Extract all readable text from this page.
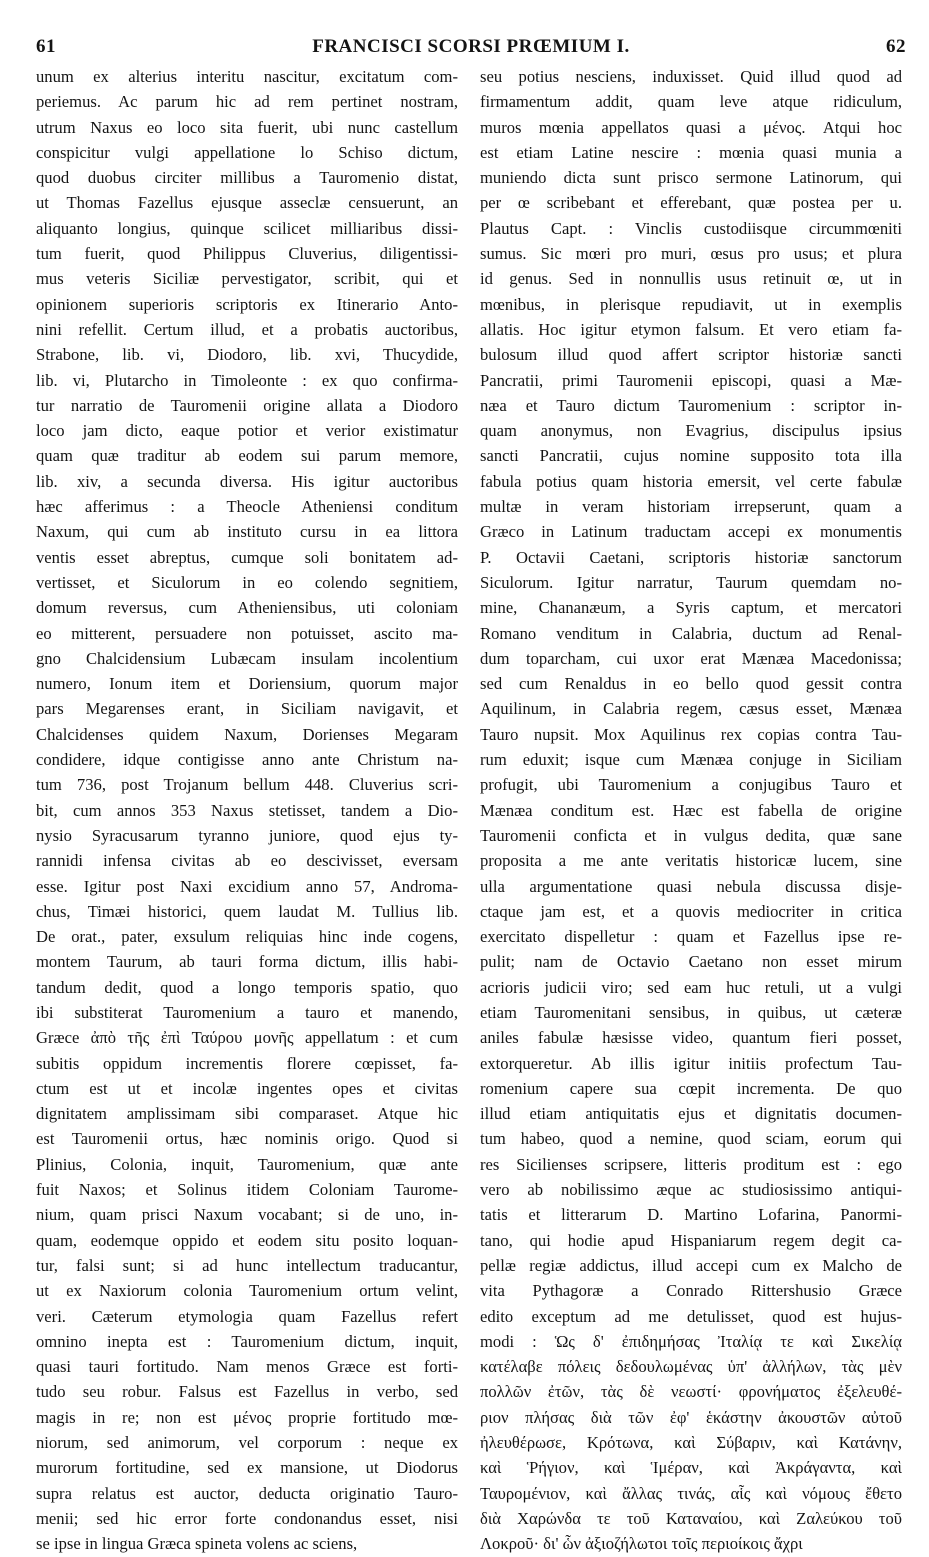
61	FRANCISCI SCORSI PRŒMIUM I.	62
unum ex alterius interitu nascitur, excitatum com-
periemus. Ac parum hic ad rem pertinet nostram,
utrum Naxus eo loco sita fuerit, ubi nunc castellum
conspicitur vulgi appellatione lo Schiso dictum,
quod duobus circiter millibus a Tauromenio distat,
ut Thomas Fazellus ejusque asseclæ censuerunt, an
aliquanto longius, quinque scilicet milliaribus dissi-
tum fuerit, quod Philippus Cluverius, diligentissi-
mus veteris Siciliæ pervestigator, scribit, qui et
opinionem superioris scriptoris ex Itinerario Anto-
nini refellit. Certum illud, et a probatis auctoribus,
Strabone, lib. vi, Diodoro, lib. xvi, Thucydide,
lib. vi, Plutarcho in Timoleonte : ex quo confirma-
tur narratio de Tauromenii origine allata a Diodoro
loco jam dicto, eaque potior et verior existimatur
quam quæ traditur ab eodem sui parum memore,
lib. xiv, a secunda diversa. His igitur auctoribus
hæc afferimus : a Theocle Atheniensi conditum
Naxum, qui cum ab instituto cursu in ea littora
ventis esset abreptus, cumque soli bonitatem ad-
vertisset, et Siculorum in eo colendo segnitiem,
domum reversus, cum Atheniensibus, uti coloniam
eo mitterent, persuadere non potuisset, ascito ma-
gno Chalcidensium Lubæcam insulam incolentium
numero, Ionum item et Doriensium, quorum major
pars Megarenses erant, in Siciliam navigavit, et
Chalcidenses quidem Naxum, Dorienses Megaram
condidere, idque contigisse anno ante Christum na-
tum 736, post Trojanum bellum 448. Cluverius scri-
bit, cum annos 353 Naxus stetisset, tandem a Dio-
nysio Syracusarum tyranno juniore, quod ejus ty-
rannidi infensa civitas ab eo descivisset, eversam
esse. Igitur post Naxi excidium anno 57, Androma-
chus, Timæi historici, quem laudat M. Tullius lib.
De orat., pater, exsulum reliquias hinc inde cogens,
montem Taurum, ab tauri forma dictum, illis habi-
tandum dedit, quod a longo temporis spatio, quo
ibi substiterat Tauromenium a tauro et manendo,
Græce ἀπὸ τῆς ἐπὶ Ταύρου μονῆς appellatum : et cum
subitis oppidum incrementis florere cœpisset, fa-
ctum est ut et incolæ ingentes opes et civitas
dignitatem amplissimam sibi comparaset. Atque hic
est Tauromenii ortus, hæc nominis origo. Quod si
Plinius, Colonia, inquit, Tauromenium, quæ ante
fuit Naxos; et Solinus itidem Coloniam Taurome-
nium, quam prisci Naxum vocabant; si de uno, in-
quam, eodemque oppido et eodem situ posito loquan-
tur, falsi sunt; si ad hunc intellectum traducantur,
ut ex Naxiorum colonia Tauromenium ortum velint,
veri. Cæterum etymologia quam Fazellus refert
omnino inepta est : Tauromenium dictum, inquit,
quasi tauri fortitudo. Nam menos Græce est forti-
tudo seu robur. Falsus est Fazellus in verbo, sed
magis in re; non est μένος proprie fortitudo mœ-
niorum, sed animorum, vel corporum : neque ex
murorum fortitudine, sed ex mansione, ut Diodorus
supra relatus est auctor, deducta originatio Tauro-
menii; sed hic error forte condonandus esset, nisi
se ipse in lingua Græca spineta volens ac sciens,
seu potius nesciens, induxisset. Quid illud quod ad
firmamentum addit, quam leve atque ridiculum,
muros mœnia appellatos quasi a μένος. Atqui hoc
est etiam Latine nescire : mœnia quasi munia a
muniendo dicta sunt prisco sermone Latinorum, qui
per œ scribebant et efferebant, quæ postea per u.
Plautus Capt. : Vinclis custodiisque circummœniti
sumus. Sic mœri pro muri, œsus pro usus; et plura
id genus. Sed in nonnullis usus retinuit œ, ut in
mœnibus, in plerisque repudiavit, ut in exemplis
allatis. Hoc igitur etymon falsum. Et vero etiam fa-
bulosum illud quod affert scriptor historiæ sancti
Pancratii, primi Tauromenii episcopi, quasi a Mæ-
næa et Tauro dictum Tauromenium : scriptor in-
quam anonymus, non Evagrius, discipulus ipsius
sancti Pancratii, cujus nomine supposito tota illa
fabula potius quam historia emersit, vel certe fabulæ
multæ in veram historiam irrepserunt, quam a
Græco in Latinum traductam accepi ex monumentis
P. Octavii Caetani, scriptoris historiæ sanctorum
Siculorum. Igitur narratur, Taurum quemdam no-
mine, Chananæum, a Syris captum, et mercatori
Romano venditum in Calabria, ductum ad Renal-
dum toparcham, cui uxor erat Mænæa Macedonissa;
sed cum Renaldus in eo bello quod gessit contra
Aquilinum, in Calabria regem, cæsus esset, Mænæa
Tauro nupsit. Mox Aquilinus rex copias contra Tau-
rum eduxit; isque cum Mænæa conjuge in Siciliam
profugit, ubi Tauromenium a conjugibus Tauro et
Mænæa conditum est. Hæc est fabella de origine
Tauromenii conficta et in vulgus dedita, quæ sane
proposita a me ante veritatis historicæ lucem, sine
ulla argumentatione quasi nebula discussa disje-
ctaque jam est, et a quovis mediocriter in critica
exercitato dispelletur : quam et Fazellus ipse re-
pulit; nam de Octavio Caetano non esset mirum
acrioris judicii viro; sed eam huc retuli, ut a vulgi
etiam Tauromenitani sensibus, in quibus, ut cæteræ
aniles fabulæ hæsisse video, quantum fieri posset,
extorqueretur. Ab illis igitur initiis profectum Tau-
romenium capere sua cœpit incrementa. De quo
illud etiam antiquitatis ejus et dignitatis documen-
tum habeo, quod a nemine, quod sciam, eorum qui
res Sicilienses scripsere, litteris proditum est : ego
vero ab nobilissimo æque ac studiosissimo antiqui-
tatis et litterarum D. Martino Lofarina, Panormi-
tano, qui hodie apud Hispaniarum regem degit ca-
pellæ regiæ addictus, illud accepi cum ex Malcho de
vita Pythagoræ a Conrado Rittershusio Græce
edito exceptum ad me detulisset, quod est hujus-
modi : Ὡς δ' ἐπιδημήσας Ἰταλίᾳ τε καὶ Σικελίᾳ
κατέλαβε πόλεις δεδουλωμένας ὑπ' ἀλλήλων, τὰς μὲν
πολλῶν ἐτῶν, τὰς δὲ νεωστί· φρονήματος ἐξελευθέ-
ριον πλήσας διὰ τῶν ἐφ' ἑκάστην ἀκουστῶν αὐτοῦ
ἠλευθέρωσε, Κρότωνα, καὶ Σύβαριν, καὶ Κατάνην,
καὶ Ῥήγιον, καὶ Ἱμέραν, καὶ Ἀκράγαντα, καὶ
Ταυρομένιον, καὶ ἄλλας τινάς, αἷς καὶ νόμους ἔθετο
διὰ Χαρώνδα τε τοῦ Καταναίου, καὶ Ζαλεύκου τοῦ
Λοκροῦ· δι' ὧν ἀξιοζήλωτοι τοῖς περιοίκοις ἄχρι
